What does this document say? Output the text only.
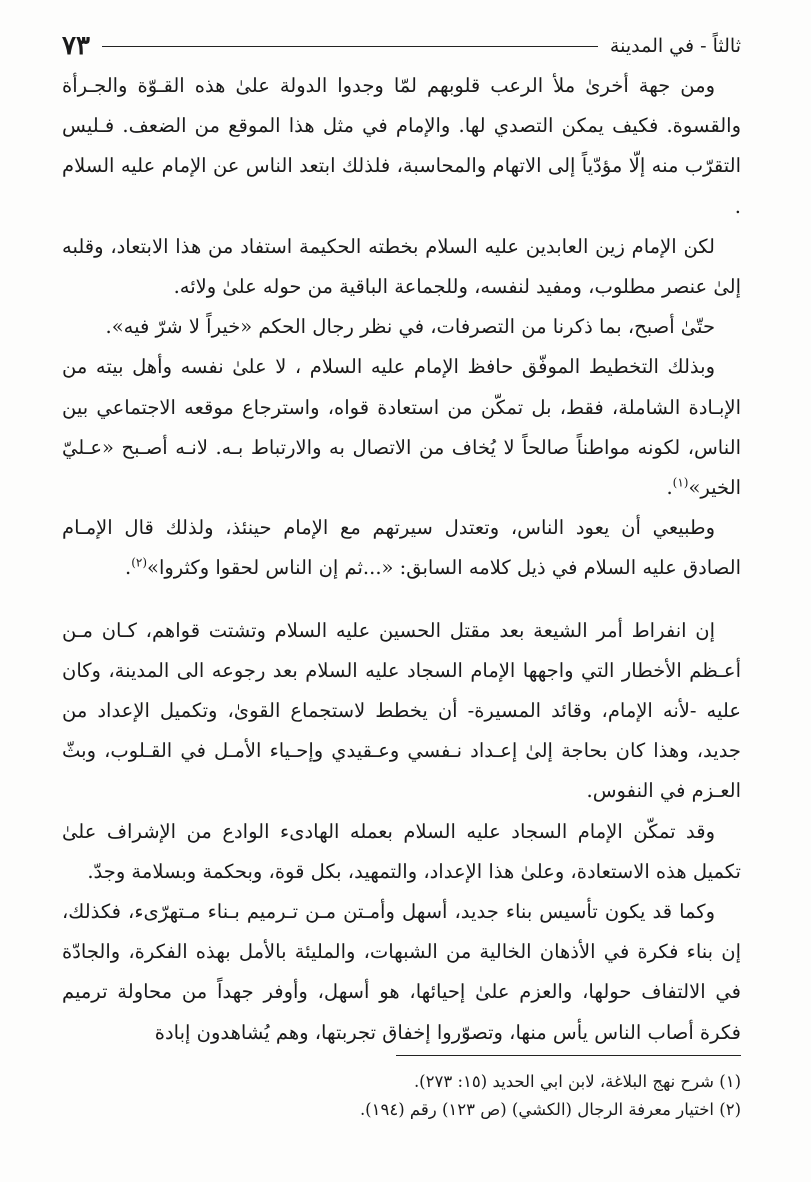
ثالثاً - في المدينة
٧٣

ومن جهة أخرىٰ ملأ الرعب قلوبهم لمّا وجدوا الدولة علىٰ هذه القـوّة والجـرأة والقسوة. فكيف يمكن التصدي لها. والإمام في مثل هذا الموقع من الضعف. فـليس التقرّب منه إلّا مؤدّياً إلى الاتهام والمحاسبة، فلذلك ابتعد الناس عن الإمام عليه السلام .

لكن الإمام زين العابدين عليه السلام بخطته الحكيمة استفاد من هذا الابتعاد، وقلبه إلىٰ عنصر مطلوب، ومفيد لنفسه، وللجماعة الباقية من حوله علىٰ ولائه.

حتّىٰ أصبح، بما ذكرنا من التصرفات، في نظر رجال الحكم «خيراً لا شرّ فيه».

وبذلك التخطيط الموفّق حافظ الإمام عليه السلام ، لا علىٰ نفسه وأهل بيته من الإبـادة الشاملة، فقط، بل تمكّن من استعادة قواه، واسترجاع موقعه الاجتماعي بين الناس، لكونه مواطناً صالحاً لا يُخاف من الاتصال به والارتباط بـه. لانـه أصـبح «عـليّ الخير»$^{(١)}$.

وطبيعي أن يعود الناس، وتعتدل سيرتهم مع الإمام حينئذ، ولذلك قال الإمـام الصادق عليه السلام في ذيل كلامه السابق: «...ثم إن الناس لحقوا وكثروا»$^{(٢)}$.

إن انفراط أمر الشيعة بعد مقتل الحسين عليه السلام وتشتت قواهم، كـان مـن أعـظم الأخطار التي واجهها الإمام السجاد عليه السلام بعد رجوعه الى المدينة، وكان عليه -لأنه الإمام، وقائد المسيرة- أن يخطط لاستجماع القوىٰ، وتكميل الإعداد من جديد، وهذا كان بحاجة إلىٰ إعـداد نـفسي وعـقيدي وإحـياء الأمـل في القـلوب، وبثّ العـزم في النفوس.

وقد تمكّن الإمام السجاد عليه السلام بعمله الهادىء الوادع من الإشراف علىٰ تكميل هذه الاستعادة، وعلىٰ هذا الإعداد، والتمهيد، بكل قوة، وبحكمة وبسلامة وجدّ.

وكما قد يكون تأسيس بناء جديد، أسهل وأمـتن مـن تـرميم بـناء مـتهرّىء، فكذلك، إن بناء فكرة في الأذهان الخالية من الشبهات، والمليئة بالأمل بهذه الفكرة، والجادّة في الالتفاف حولها، والعزم علىٰ إحيائها، هو أسهل، وأوفر جهداً من محاولة ترميم فكرة أصاب الناس يأس منها، وتصوّروا إخفاق تجربتها، وهم يُشاهدون إبادة

(١) شرح نهج البلاغة، لابن ابي الحديد (١٥: ٢٧٣).
(٢) اختيار معرفة الرجال (الكشي) (ص ١٢٣) رقم (١٩٤).
